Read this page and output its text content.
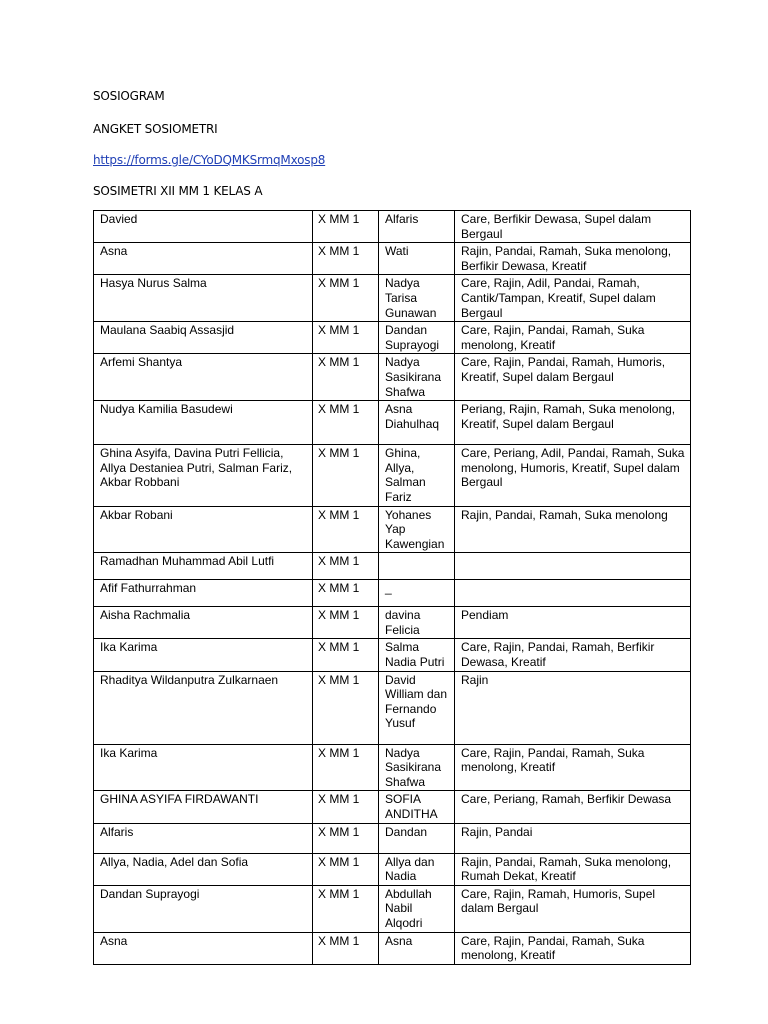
SOSIOGRAM
ANGKET SOSIOMETRI
https://forms.gle/CYoDQMKSrmqMxosp8
SOSIMETRI XII MM 1 KELAS A
Davied	X MM 1	Alfaris	Care, Berfikir Dewasa, Supel dalam Bergaul
Asna	X MM 1	Wati	Rajin, Pandai, Ramah, Suka menolong, Berfikir Dewasa, Kreatif
Hasya Nurus Salma	X MM 1	Nadya Tarisa Gunawan	Care, Rajin, Adil, Pandai, Ramah, Cantik/Tampan, Kreatif, Supel dalam Bergaul
Maulana Saabiq Assasjid	X MM 1	Dandan Suprayogi	Care, Rajin, Pandai, Ramah, Suka menolong, Kreatif
Arfemi Shantya	X MM 1	Nadya Sasikirana Shafwa	Care, Rajin, Pandai, Ramah, Humoris, Kreatif, Supel dalam Bergaul
Nudya Kamilia Basudewi	X MM 1	Asna Diahulhaq	Periang, Rajin, Ramah, Suka menolong, Kreatif, Supel dalam Bergaul
Ghina Asyifa, Davina Putri Fellicia, Allya Destaniea Putri, Salman Fariz, Akbar Robbani	X MM 1	Ghina, Allya, Salman Fariz	Care, Periang, Adil, Pandai, Ramah, Suka menolong, Humoris, Kreatif, Supel dalam Bergaul
Akbar Robani	X MM 1	Yohanes Yap Kawengian	Rajin, Pandai, Ramah, Suka menolong
Ramadhan Muhammad Abil Lutfi	X MM 1		
Afif Fathurrahman	X MM 1	_	
Aisha Rachmalia	X MM 1	davina Felicia	Pendiam
Ika Karima	X MM 1	Salma Nadia Putri	Care, Rajin, Pandai, Ramah, Berfikir Dewasa, Kreatif
Rhaditya Wildanputra Zulkarnaen	X MM 1	David William dan Fernando Yusuf	Rajin
Ika Karima	X MM 1	Nadya Sasikirana Shafwa	Care, Rajin, Pandai, Ramah, Suka menolong, Kreatif
GHINA ASYIFA FIRDAWANTI	X MM 1	SOFIA ANDITHA	Care, Periang, Ramah, Berfikir Dewasa
Alfaris	X MM 1	Dandan	Rajin, Pandai
Allya, Nadia, Adel dan Sofia	X MM 1	Allya dan Nadia	Rajin, Pandai, Ramah, Suka menolong, Rumah Dekat, Kreatif
Dandan Suprayogi	X MM 1	Abdullah Nabil Alqodri	Care, Rajin, Ramah, Humoris, Supel dalam Bergaul
Asna	X MM 1	Asna	Care, Rajin, Pandai, Ramah, Suka menolong, Kreatif
